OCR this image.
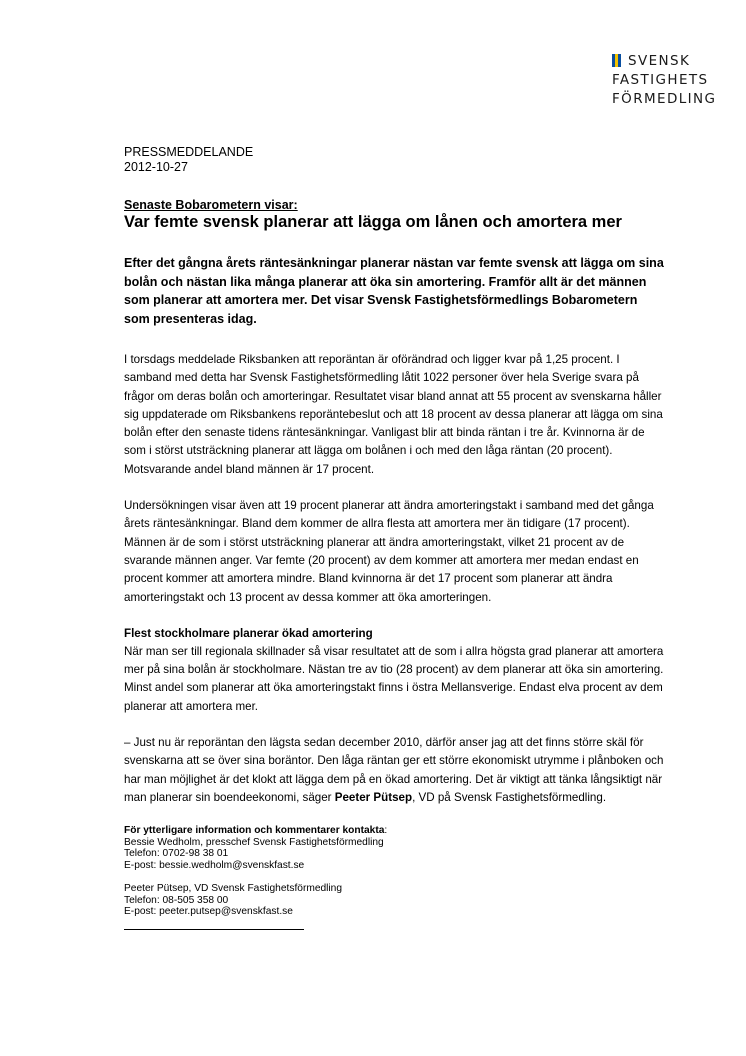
SVENSK
FASTIGHETS
FÖRMEDLING
PRESSMEDDELANDE
2012-10-27
Senaste Bobarometern visar:
Var femte svensk planerar att lägga om lånen och amortera mer
Efter det gångna årets räntesänkningar planerar nästan var femte svensk att lägga om sina bolån och nästan lika många planerar att öka sin amortering. Framför allt är det männen som planerar att amortera mer. Det visar Svensk Fastighetsförmedlings Bobarometern som presenteras idag.

I torsdags meddelade Riksbanken att reporäntan är oförändrad och ligger kvar på 1,25 procent. I samband med detta har Svensk Fastighetsförmedling låtit 1022 personer över hela Sverige svara på frågor om deras bolån och amorteringar. Resultatet visar bland annat att 55 procent av svenskarna håller sig uppdaterade om Riksbankens reporäntebeslut och att 18 procent av dessa planerar att lägga om sina bolån efter den senaste tidens räntesänkningar. Vanligast blir att binda räntan i tre år. Kvinnorna är de som i störst utsträckning planerar att lägga om bolånen i och med den låga räntan (20 procent). Motsvarande andel bland männen är 17 procent.

Undersökningen visar även att 19 procent planerar att ändra amorteringstakt i samband med det gånga årets räntesänkningar. Bland dem kommer de allra flesta att amortera mer än tidigare (17 procent). Männen är de som i störst utsträckning planerar att ändra amorteringstakt, vilket 21 procent av de svarande männen anger. Var femte (20 procent) av dem kommer att amortera mer medan endast en procent kommer att amortera mindre. Bland kvinnorna är det 17 procent som planerar att ändra amorteringstakt och 13 procent av dessa kommer att öka amorteringen.

Flest stockholmare planerar ökad amortering

När man ser till regionala skillnader så visar resultatet att de som i allra högsta grad planerar att amortera mer på sina bolån är stockholmare. Nästan tre av tio (28 procent) av dem planerar att öka sin amortering. Minst andel som planerar att öka amorteringstakt finns i östra Mellansverige. Endast elva procent av dem planerar att amortera mer.

– Just nu är reporäntan den lägsta sedan december 2010, därför anser jag att det finns större skäl för svenskarna att se över sina boräntor. Den låga räntan ger ett större ekonomiskt utrymme i plånboken och har man möjlighet är det klokt att lägga dem på en ökad amortering. Det är viktigt att tänka långsiktigt när man planerar sin boendeekonomi, säger Peeter Pütsep, VD på Svensk Fastighetsförmedling.

För ytterligare information och kommentarer kontakta:
Bessie Wedholm, presschef Svensk Fastighetsförmedling
Telefon: 0702-98 38 01
E-post: bessie.wedholm@svenskfast.se
Peeter Pütsep, VD Svensk Fastighetsförmedling
Telefon: 08-505 358 00
E-post: peeter.putsep@svenskfast.se
